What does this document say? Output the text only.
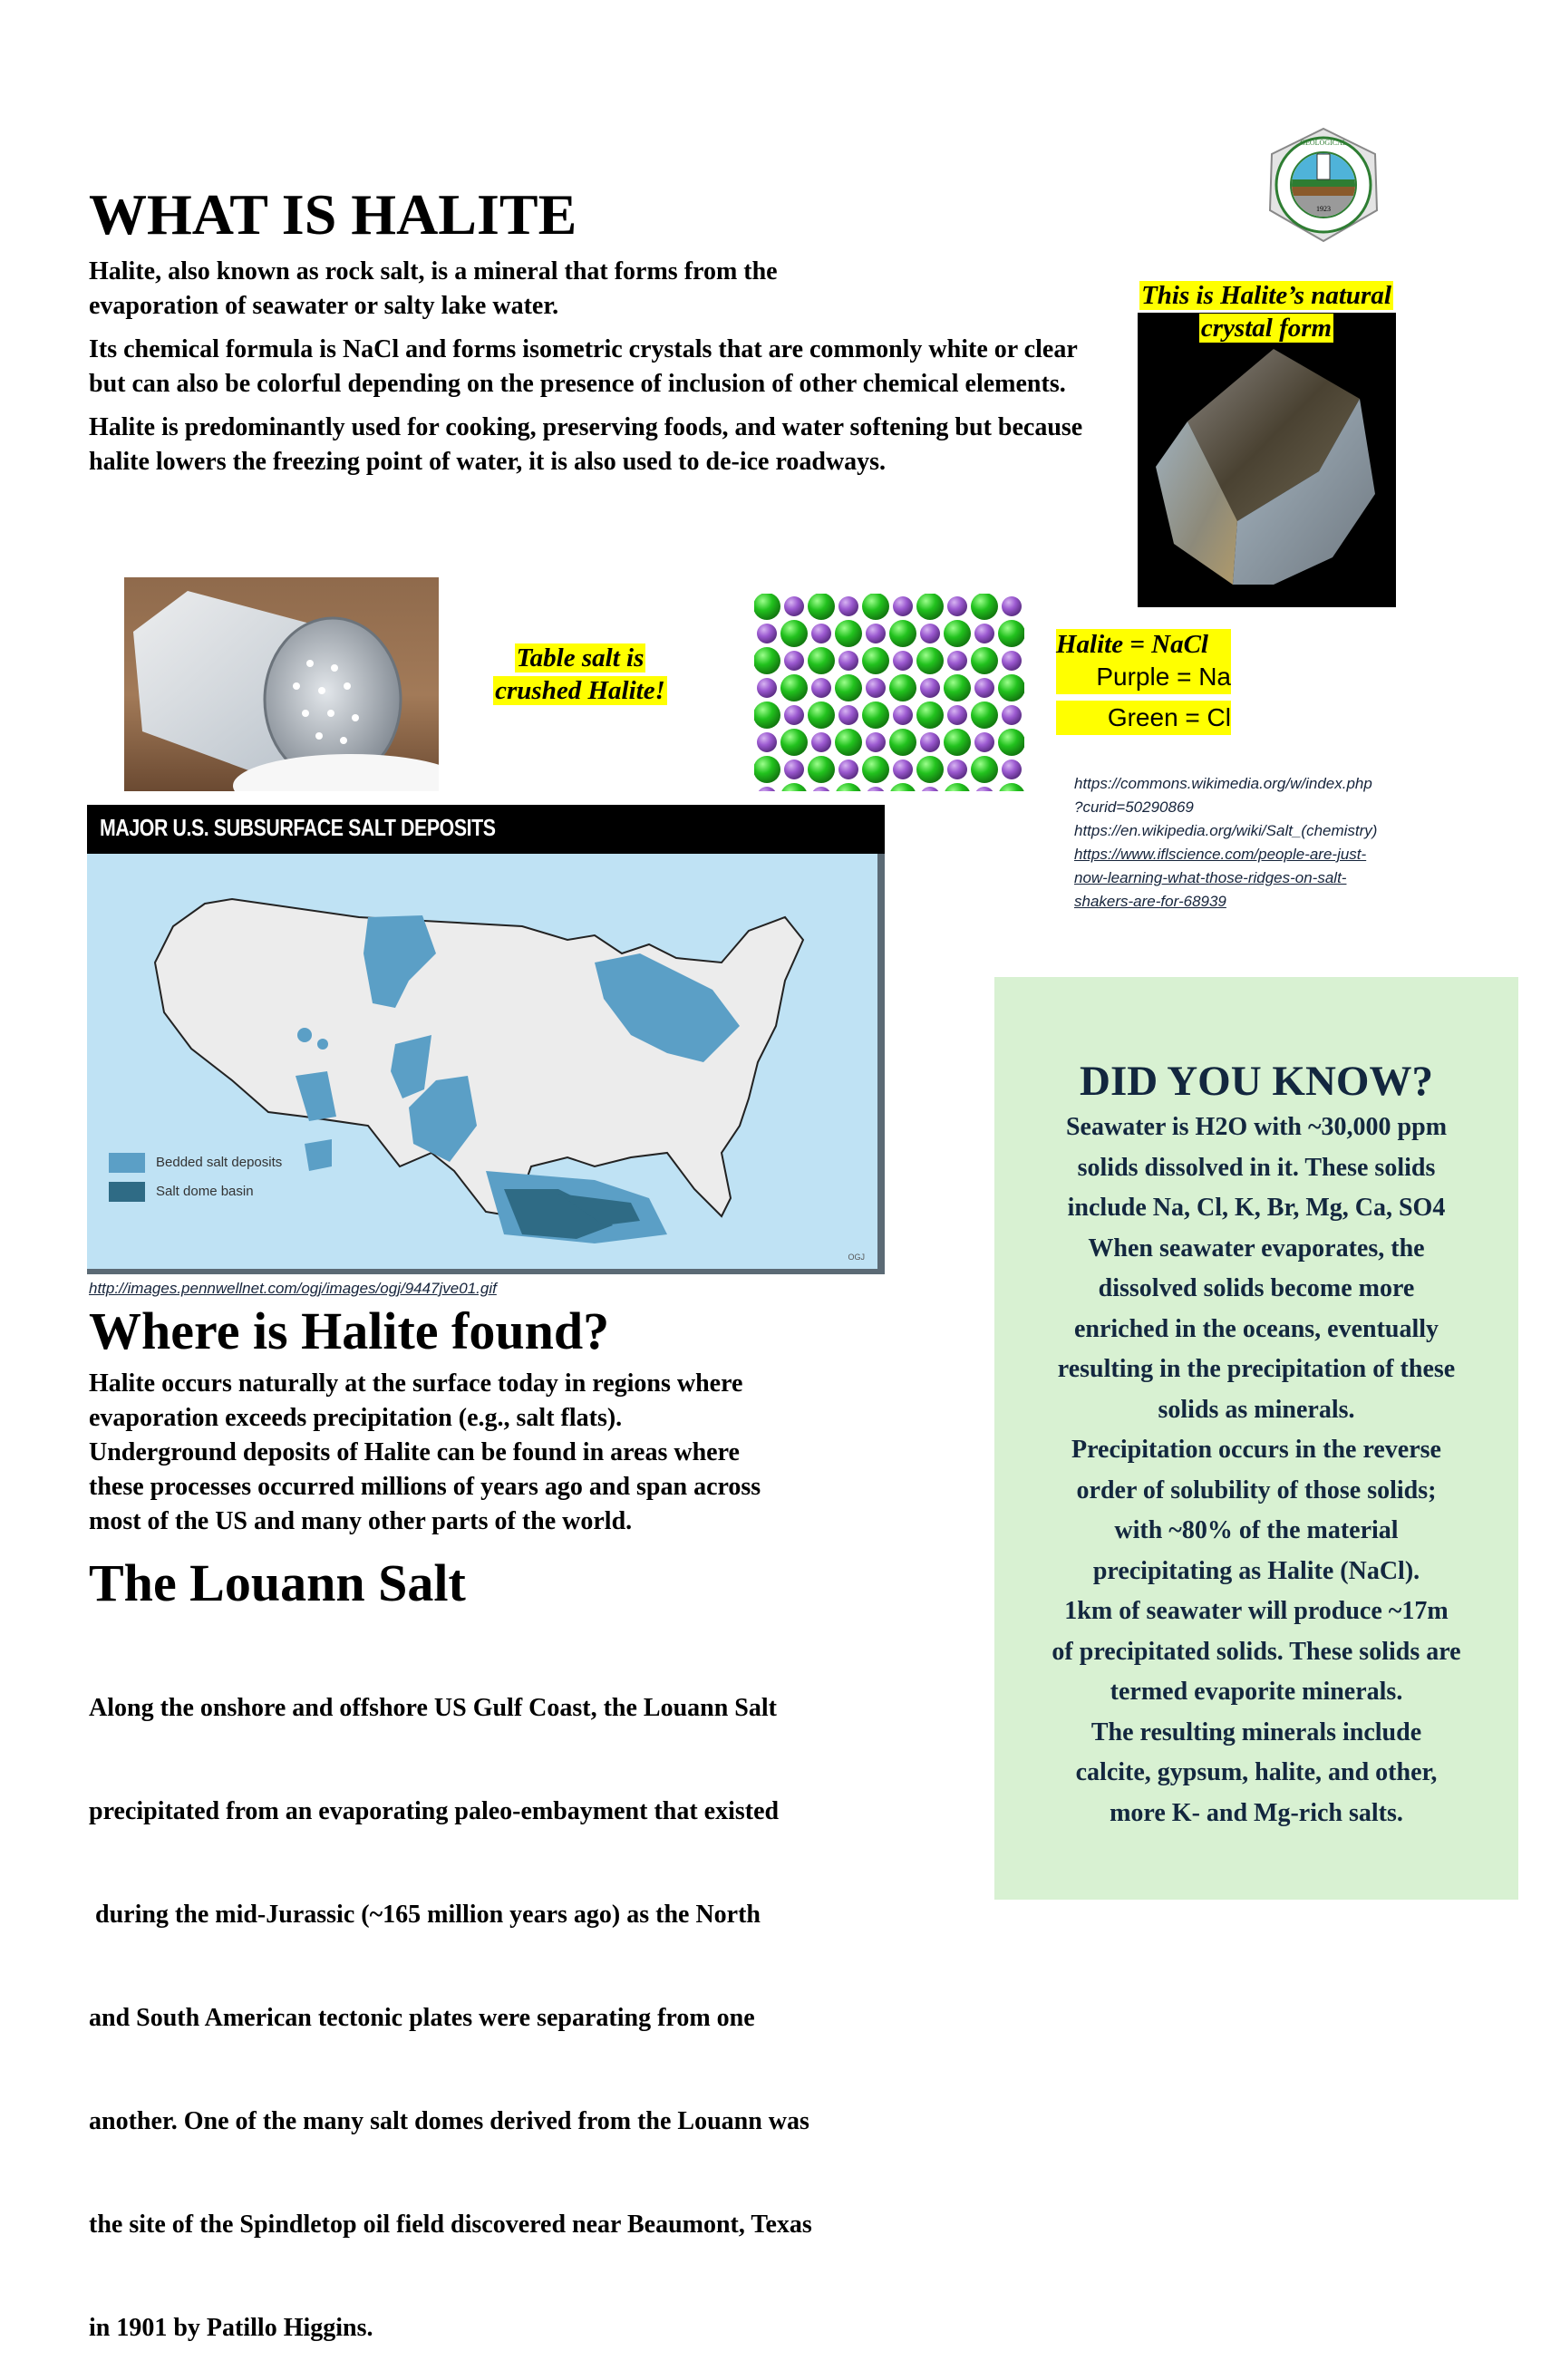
1923
GEOLOGICAL
WHAT IS HALITE

Halite, also known as rock salt, is a mineral that forms from the evaporation of seawater or salty lake water.

Its chemical formula is NaCl and forms isometric crystals that are commonly white or clear but can also be colorful depending on the presence of inclusion of other chemical elements.

Halite is predominantly used for cooking, preserving foods, and water softening but because halite lowers the freezing point of water, it is also used to de-ice roadways.

This is Halite’s natural
crystal form
Table salt is
crushed Halite!
Halite = NaCl
Purple = Na
Green = Cl
https://commons.wikimedia.org/w/index.php
?curid=50290869
https://en.wikipedia.org/wiki/Salt_(chemistry)
https://www.iflscience.com/people-are-just-
now-learning-what-those-ridges-on-salt-
shakers-are-for-68939
MAJOR U.S. SUBSURFACE SALT DEPOSITS
Bedded salt deposits
Salt dome basin
OGJ
http://images.pennwellnet.com/ogj/images/ogj/9447jve01.gif
Where is Halite found?
Halite occurs naturally at the surface today in regions where
evaporation exceeds precipitation (e.g., salt flats).
Underground deposits of Halite can be found in areas where
these processes occurred millions of years ago and span across
most of the US and many other parts of the world.
The Louann Salt

Along the onshore and offshore US Gulf Coast, the Louann Salt

precipitated from an evaporating paleo-embayment that existed

during the mid-Jurassic (~165 million years ago) as the North

and South American tectonic plates were separating from one

another. One of the many salt domes derived from the Louann was

the site of the Spindletop oil field discovered near Beaumont, Texas

in 1901 by Patillo Higgins.

DID YOU KNOW?
Seawater is H2O with ~30,000 ppm
solids dissolved in it. These solids
include Na, Cl, K, Br, Mg, Ca, SO4
When seawater evaporates, the
dissolved solids become more
enriched in the oceans, eventually
resulting in the precipitation of these
solids as minerals.
Precipitation occurs in the reverse
order of solubility of those solids;
with ~80% of the material
precipitating as Halite (NaCl).
1km of seawater will produce ~17m
of precipitated solids. These solids are
termed evaporite minerals.
The resulting minerals include
calcite, gypsum, halite, and other,
more K- and Mg-rich salts.
